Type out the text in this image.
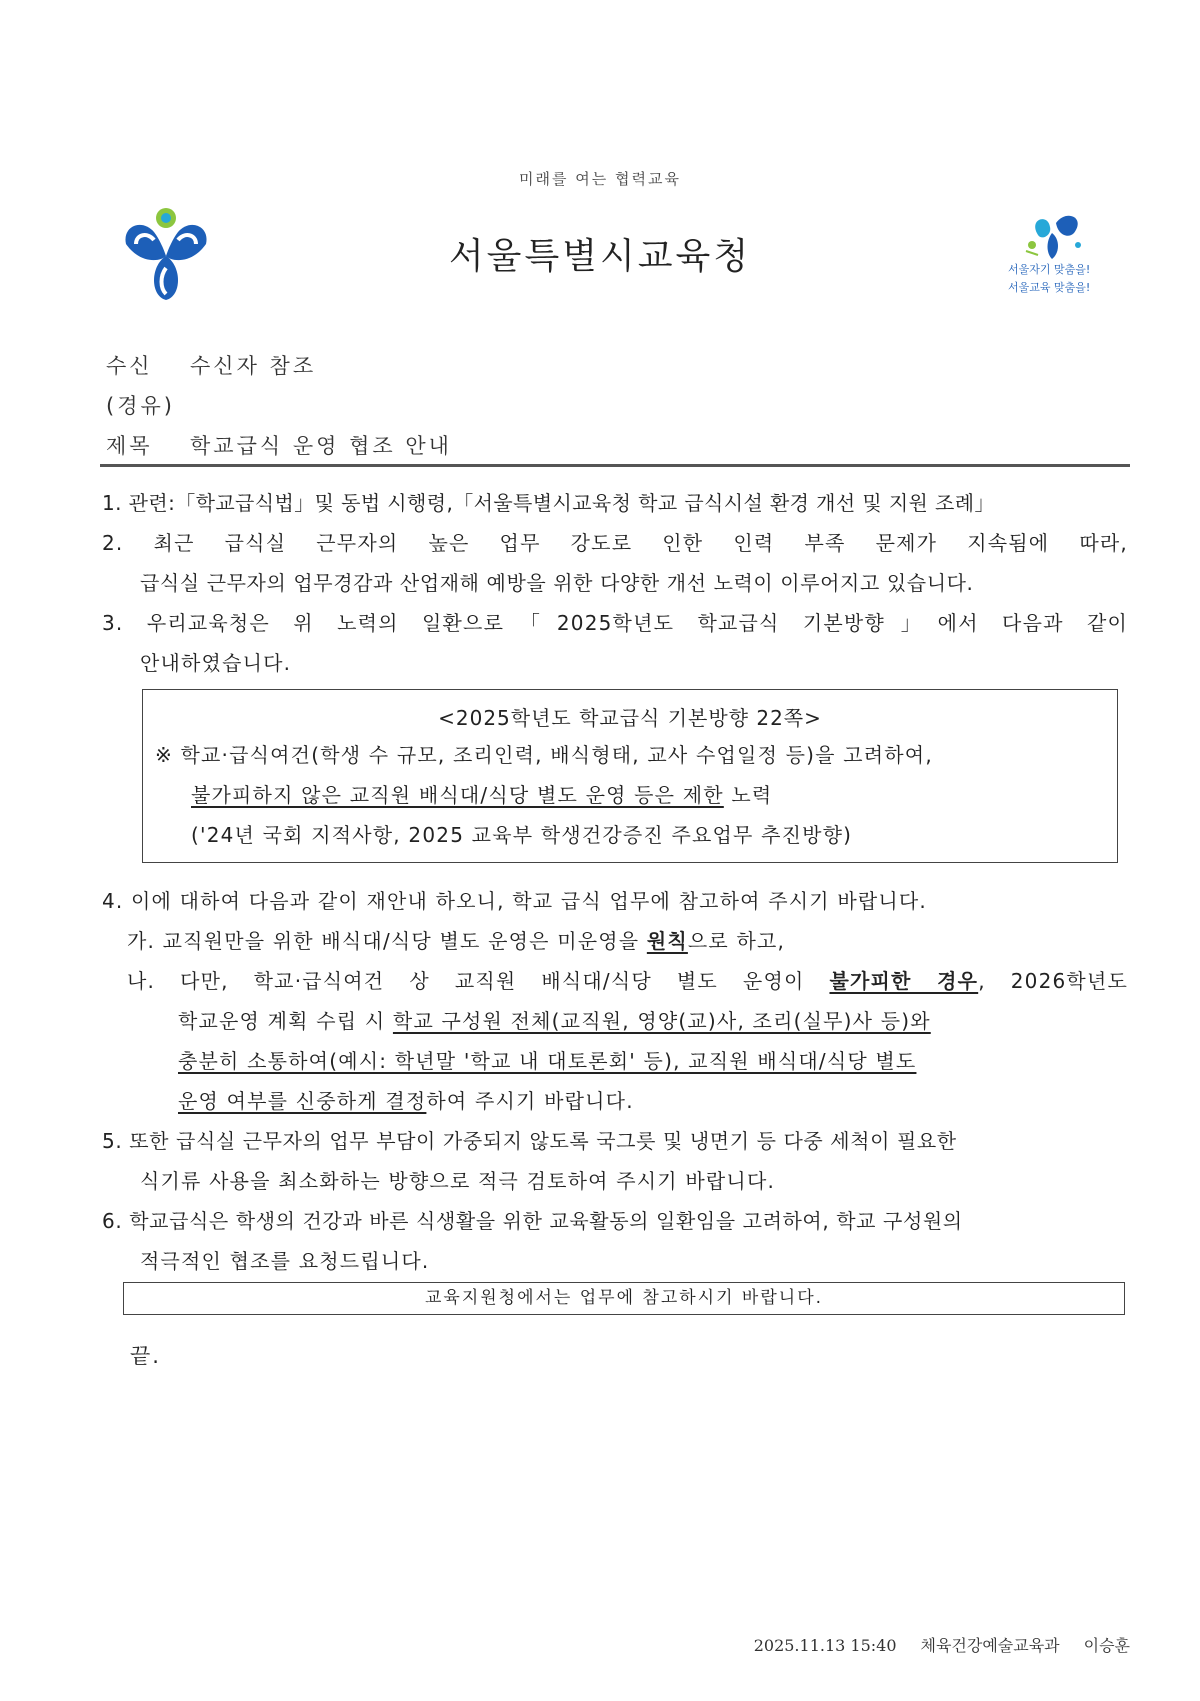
미래를 여는 협력교육
서울특별시교육청	서울자기 맞춤을!
서울교육 맞춤을!
수신 수신자 참조
(경유)
제목 학교급식 운영 협조 안내
1. 관련:「학교급식법」및 동법 시행령,「서울특별시교육청 학교 급식시설 환경 개선 및 지원 조례」
2. 최근 급식실 근무자의 높은 업무 강도로 인한 인력 부족 문제가 지속됨에 따라,
급식실 근무자의 업무경감과 산업재해 예방을 위한 다양한 개선 노력이 이루어지고 있습니다.
3. 우리교육청은 위 노력의 일환으로「2025학년도 학교급식 기본방향」에서 다음과 같이
안내하였습니다.
<2025학년도 학교급식 기본방향 22쪽>
※ 학교·급식여건(학생 수 규모, 조리인력, 배식형태, 교사 수업일정 등)을 고려하여,
불가피하지 않은 교직원 배식대/식당 별도 운영 등은 제한 노력
('24년 국회 지적사항, 2025 교육부 학생건강증진 주요업무 추진방향)
4. 이에 대하여 다음과 같이 재안내 하오니, 학교 급식 업무에 참고하여 주시기 바랍니다.
가. 교직원만을 위한 배식대/식당 별도 운영은 미운영을 원칙으로 하고,
나. 다만, 학교·급식여건 상 교직원 배식대/식당 별도 운영이 불가피한 경우, 2026학년도
학교운영 계획 수립 시 학교 구성원 전체(교직원, 영양(교)사, 조리(실무)사 등)와
충분히 소통하여(예시: 학년말 '학교 내 대토론회' 등), 교직원 배식대/식당 별도
운영 여부를 신중하게 결정하여 주시기 바랍니다.
5. 또한 급식실 근무자의 업무 부담이 가중되지 않도록 국그릇 및 냉면기 등 다중 세척이 필요한
식기류 사용을 최소화하는 방향으로 적극 검토하여 주시기 바랍니다.
6. 학교급식은 학생의 건강과 바른 식생활을 위한 교육활동의 일환임을 고려하여, 학교 구성원의
적극적인 협조를 요청드립니다.
교육지원청에서는 업무에 참고하시기 바랍니다.
끝.
2025.11.13 15:40 체육건강예술교육과 이승훈
